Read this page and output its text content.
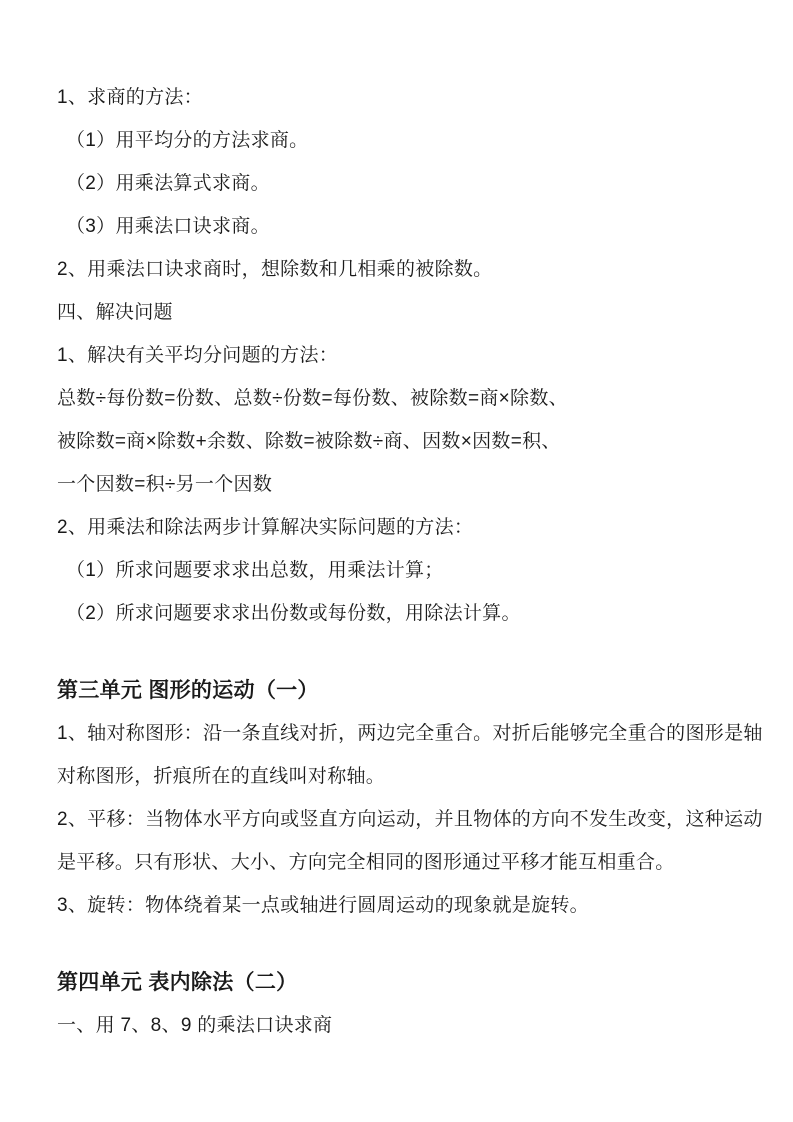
1、求商的方法：
（1）用平均分的方法求商。
（2）用乘法算式求商。
（3）用乘法口诀求商。
2、用乘法口诀求商时，想除数和几相乘的被除数。
四、解决问题
1、解决有关平均分问题的方法：
总数÷每份数=份数、总数÷份数=每份数、被除数=商×除数、
被除数=商×除数+余数、除数=被除数÷商、因数×因数=积、
一个因数=积÷另一个因数
2、用乘法和除法两步计算解决实际问题的方法：
（1）所求问题要求求出总数，用乘法计算；
（2）所求问题要求求出份数或每份数，用除法计算。
第三单元 图形的运动（一）
1、轴对称图形：沿一条直线对折，两边完全重合。对折后能够完全重合的图形是轴
对称图形，折痕所在的直线叫对称轴。
2、平移：当物体水平方向或竖直方向运动，并且物体的方向不发生改变，这种运动
是平移。只有形状、大小、方向完全相同的图形通过平移才能互相重合。
3、旋转：物体绕着某一点或轴进行圆周运动的现象就是旋转。
第四单元 表内除法（二）
一、用 7、8、9 的乘法口诀求商
